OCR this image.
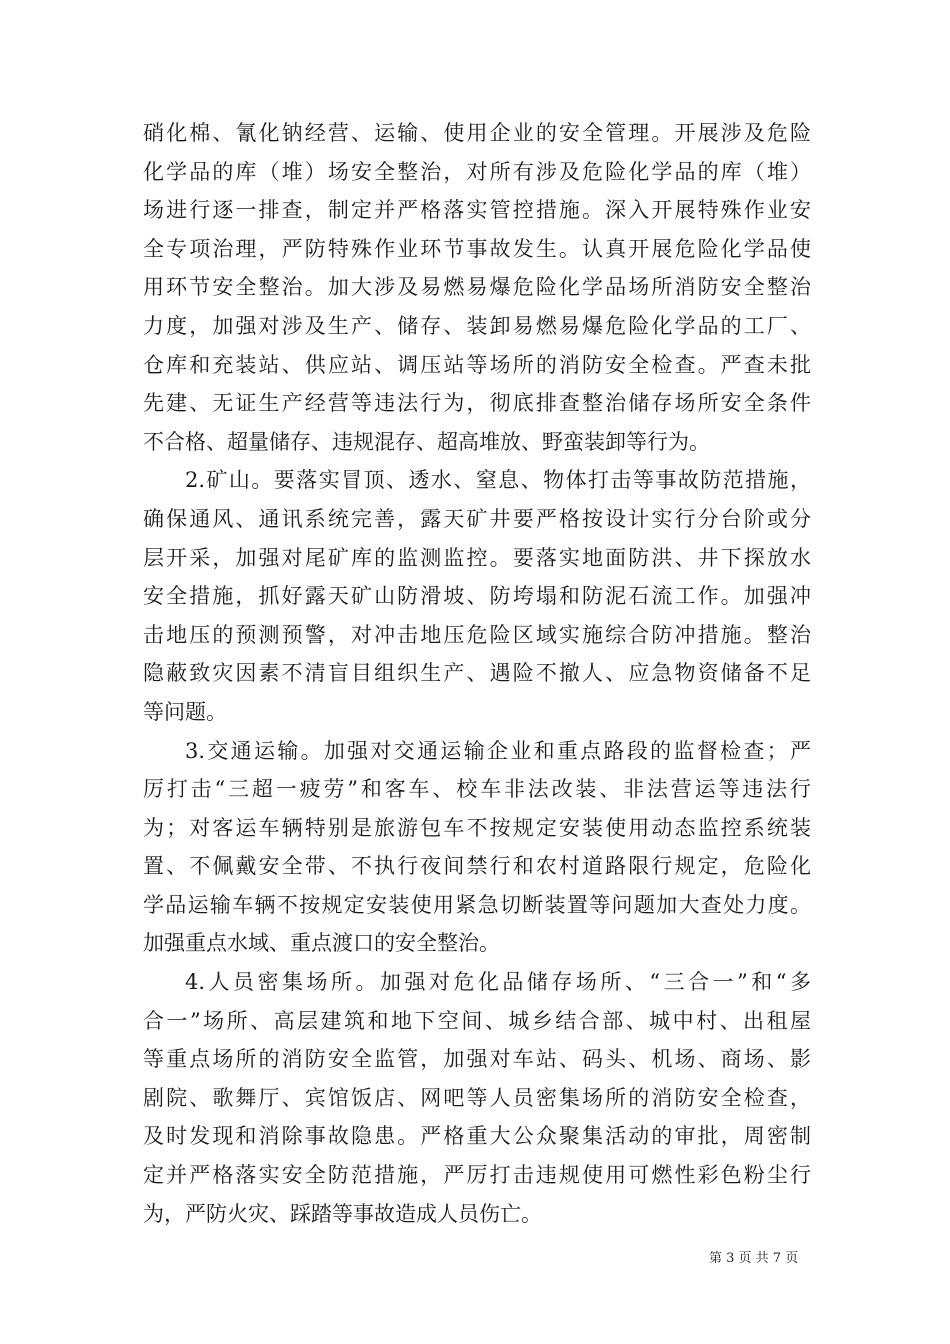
硝化棉、氰化钠经营、运输、使用企业的安全管理。开展涉及危险
化学品的库（堆）场安全整治，对所有涉及危险化学品的库（堆）
场进行逐一排查，制定并严格落实管控措施。深入开展特殊作业安
全专项治理，严防特殊作业环节事故发生。认真开展危险化学品使
用环节安全整治。加大涉及易燃易爆危险化学品场所消防安全整治
力度，加强对涉及生产、储存、装卸易燃易爆危险化学品的工厂、
仓库和充装站、供应站、调压站等场所的消防安全检查。严查未批
先建、无证生产经营等违法行为，彻底排查整治储存场所安全条件
不合格、超量储存、违规混存、超高堆放、野蛮装卸等行为。
2.矿山。要落实冒顶、透水、窒息、物体打击等事故防范措施，
确保通风、通讯系统完善，露天矿井要严格按设计实行分台阶或分
层开采，加强对尾矿库的监测监控。要落实地面防洪、井下探放水
安全措施，抓好露天矿山防滑坡、防垮塌和防泥石流工作。加强冲
击地压的预测预警，对冲击地压危险区域实施综合防冲措施。整治
隐蔽致灾因素不清盲目组织生产、遇险不撤人、应急物资储备不足
等问题。
3.交通运输。加强对交通运输企业和重点路段的监督检查；严
厉打击“三超一疲劳”和客车、校车非法改装、非法营运等违法行
为；对客运车辆特别是旅游包车不按规定安装使用动态监控系统装
置、不佩戴安全带、不执行夜间禁行和农村道路限行规定，危险化
学品运输车辆不按规定安装使用紧急切断装置等问题加大查处力度。
加强重点水域、重点渡口的安全整治。
4.人员密集场所。加强对危化品储存场所、“三合一”和“多
合一”场所、高层建筑和地下空间、城乡结合部、城中村、出租屋
等重点场所的消防安全监管，加强对车站、码头、机场、商场、影
剧院、歌舞厅、宾馆饭店、网吧等人员密集场所的消防安全检查，
及时发现和消除事故隐患。严格重大公众聚集活动的审批，周密制
定并严格落实安全防范措施，严厉打击违规使用可燃性彩色粉尘行
为，严防火灾、踩踏等事故造成人员伤亡。
第 3 页 共 7 页
